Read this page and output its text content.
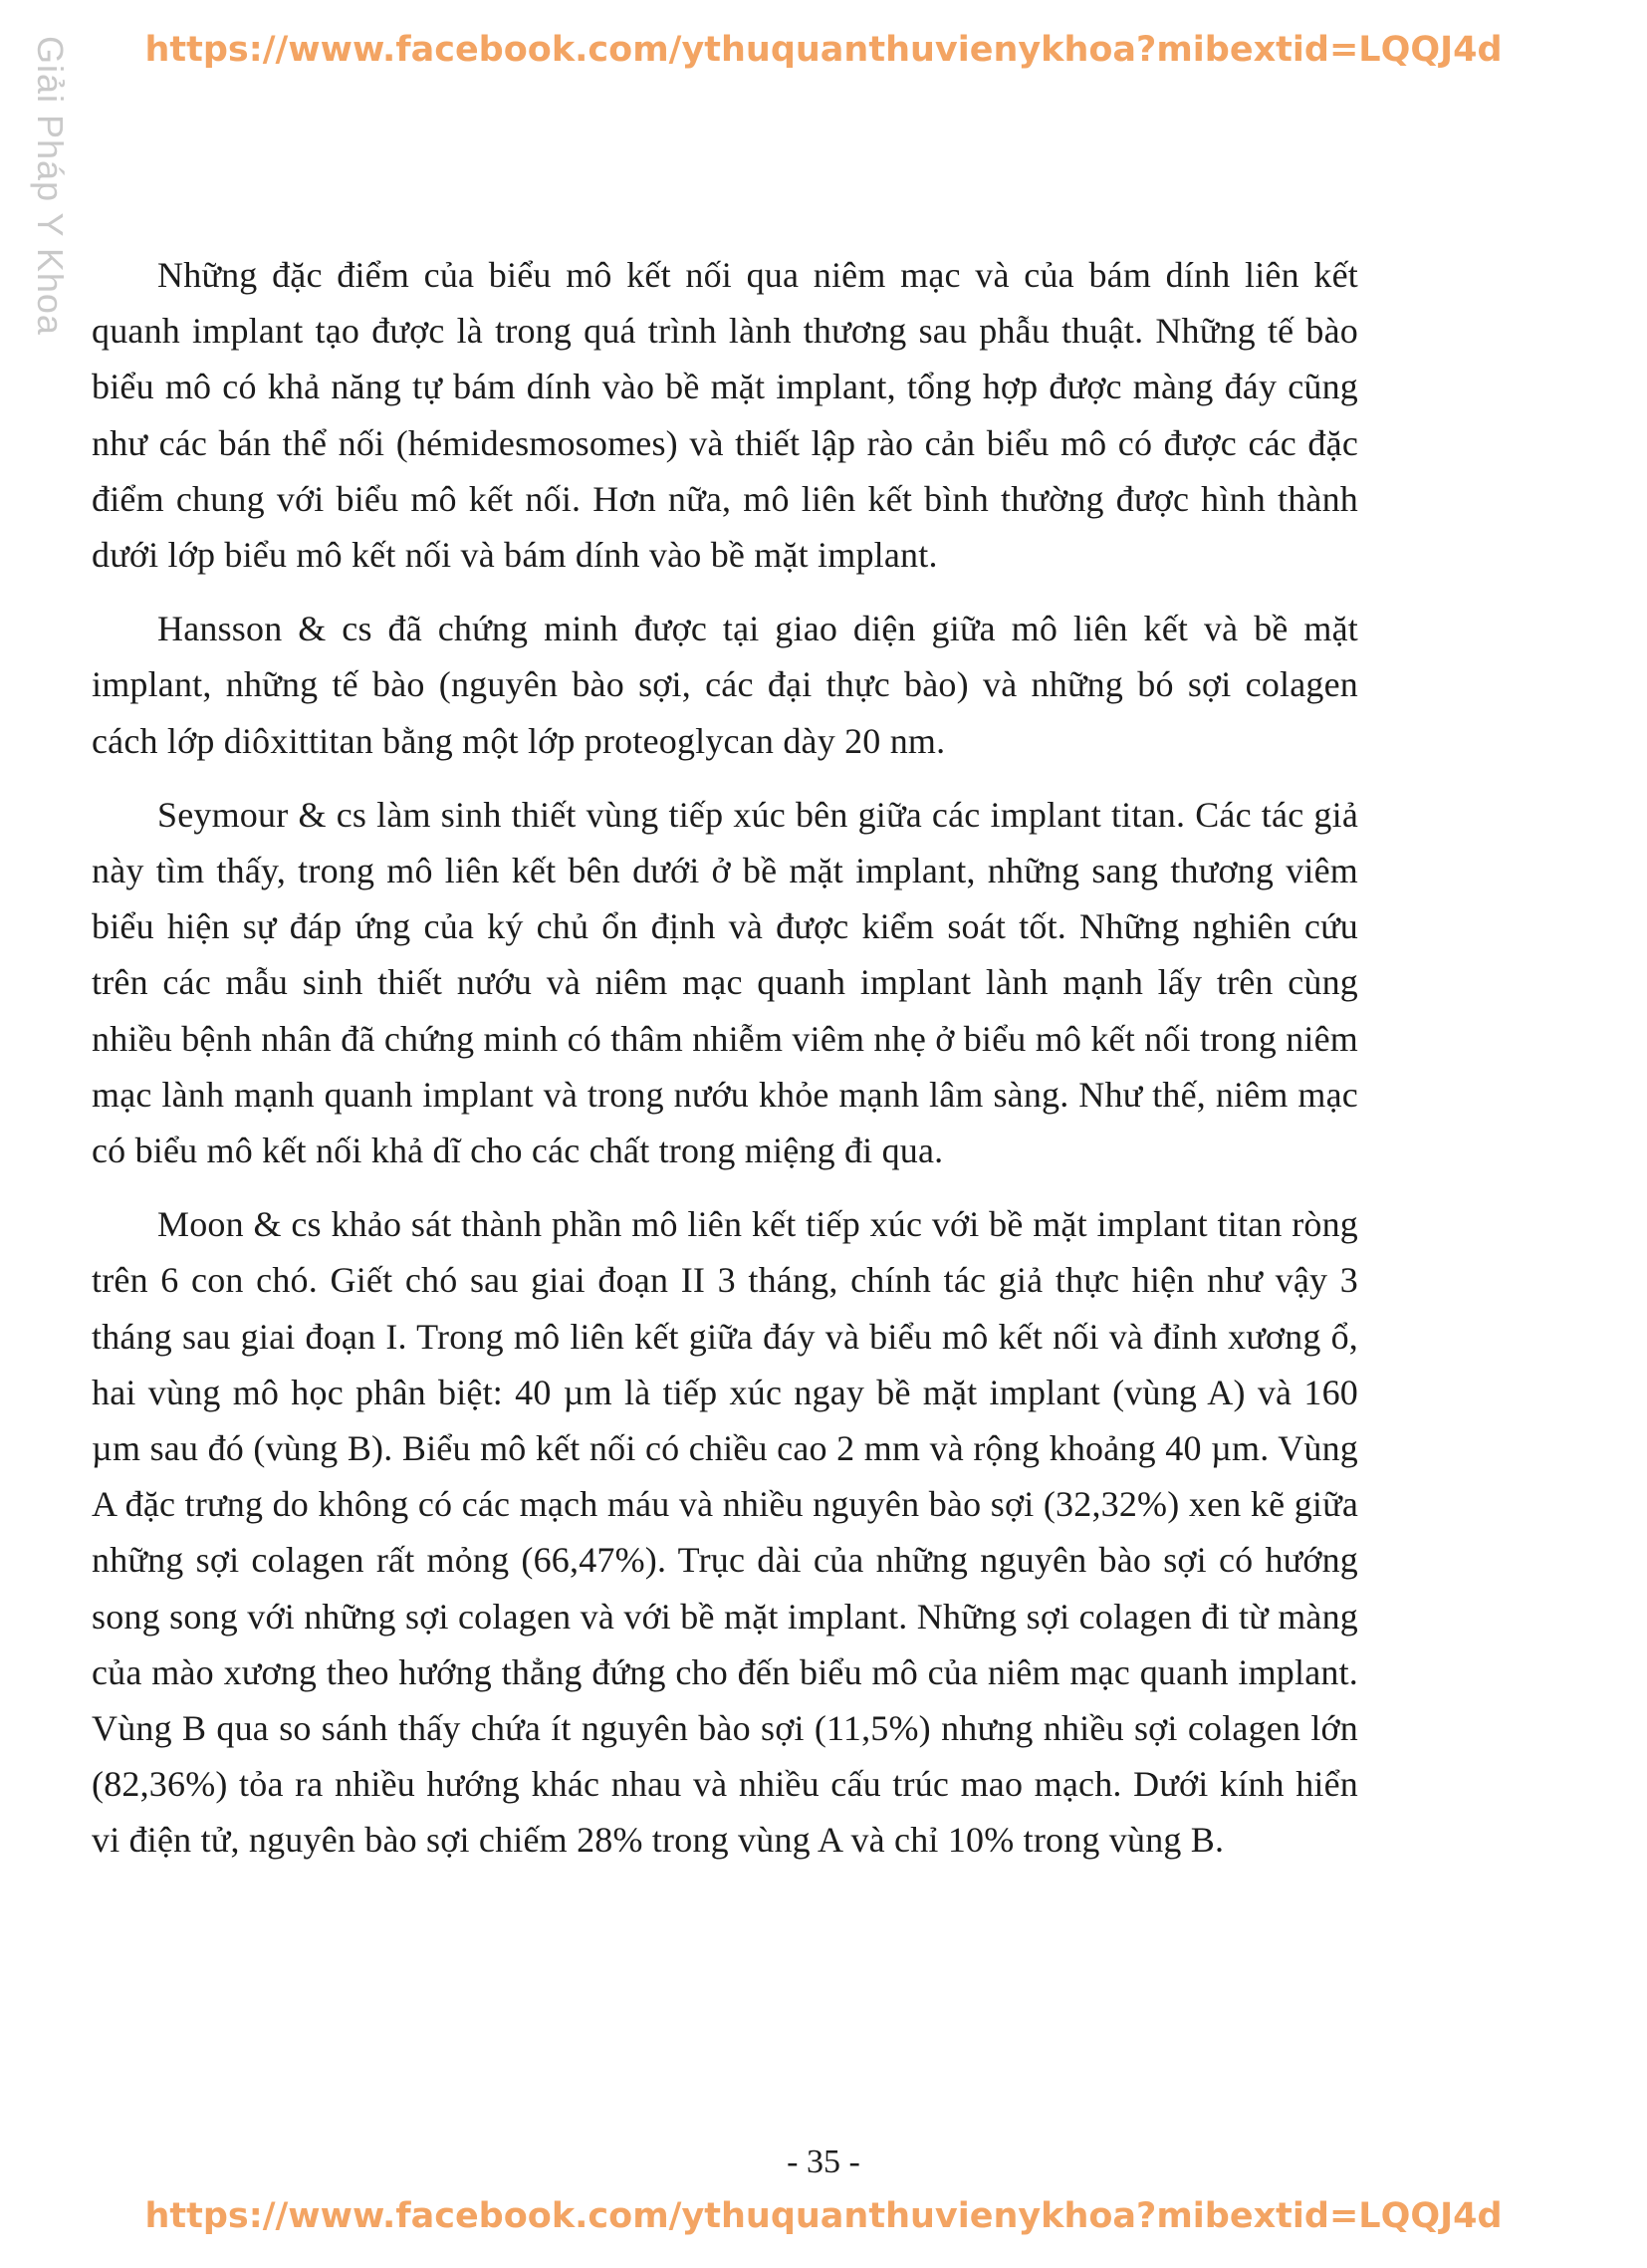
Giải Pháp Y Khoa	https://www.facebook.com/ythuquanthuvienykhoa?mibextid=LQQJ4d

Những đặc điểm của biểu mô kết nối qua niêm mạc và của bám dính liên kết quanh implant tạo được là trong quá trình lành thương sau phẫu thuật. Những tế bào biểu mô có khả năng tự bám dính vào bề mặt implant, tổng hợp được màng đáy cũng như các bán thể nối (hémidesmosomes) và thiết lập rào cản biểu mô có được các đặc điểm chung với biểu mô kết nối. Hơn nữa, mô liên kết bình thường được hình thành dưới lớp biểu mô kết nối và bám dính vào bề mặt implant.

Hansson & cs đã chứng minh được tại giao diện giữa mô liên kết và bề mặt implant, những tế bào (nguyên bào sợi, các đại thực bào) và những bó sợi colagen cách lớp diôxittitan bằng một lớp proteoglycan dày 20 nm.

Seymour & cs làm sinh thiết vùng tiếp xúc bên giữa các implant titan. Các tác giả này tìm thấy, trong mô liên kết bên dưới ở bề mặt implant, những sang thương viêm biểu hiện sự đáp ứng của ký chủ ổn định và được kiểm soát tốt. Những nghiên cứu trên các mẫu sinh thiết nướu và niêm mạc quanh implant lành mạnh lấy trên cùng nhiều bệnh nhân đã chứng minh có thâm nhiễm viêm nhẹ ở biểu mô kết nối trong niêm mạc lành mạnh quanh implant và trong nướu khỏe mạnh lâm sàng. Như thế, niêm mạc có biểu mô kết nối khả dĩ cho các chất trong miệng đi qua.

Moon & cs khảo sát thành phần mô liên kết tiếp xúc với bề mặt implant titan ròng trên 6 con chó. Giết chó sau giai đoạn II 3 tháng, chính tác giả thực hiện như vậy 3 tháng sau giai đoạn I. Trong mô liên kết giữa đáy và biểu mô kết nối và đỉnh xương ổ, hai vùng mô học phân biệt: 40 µm là tiếp xúc ngay bề mặt implant (vùng A) và 160 µm sau đó (vùng B). Biểu mô kết nối có chiều cao 2 mm và rộng khoảng 40 µm. Vùng A đặc trưng do không có các mạch máu và nhiều nguyên bào sợi (32,32%) xen kẽ giữa những sợi colagen rất mỏng (66,47%). Trục dài của những nguyên bào sợi có hướng song song với những sợi colagen và với bề mặt implant. Những sợi colagen đi từ màng của mào xương theo hướng thẳng đứng cho đến biểu mô của niêm mạc quanh implant. Vùng B qua so sánh thấy chứa ít nguyên bào sợi (11,5%) nhưng nhiều sợi colagen lớn (82,36%) tỏa ra nhiều hướng khác nhau và nhiều cấu trúc mao mạch. Dưới kính hiển vi điện tử, nguyên bào sợi chiếm 28% trong vùng A và chỉ 10% trong vùng B.

- 35 -
https://www.facebook.com/ythuquanthuvienykhoa?mibextid=LQQJ4d
